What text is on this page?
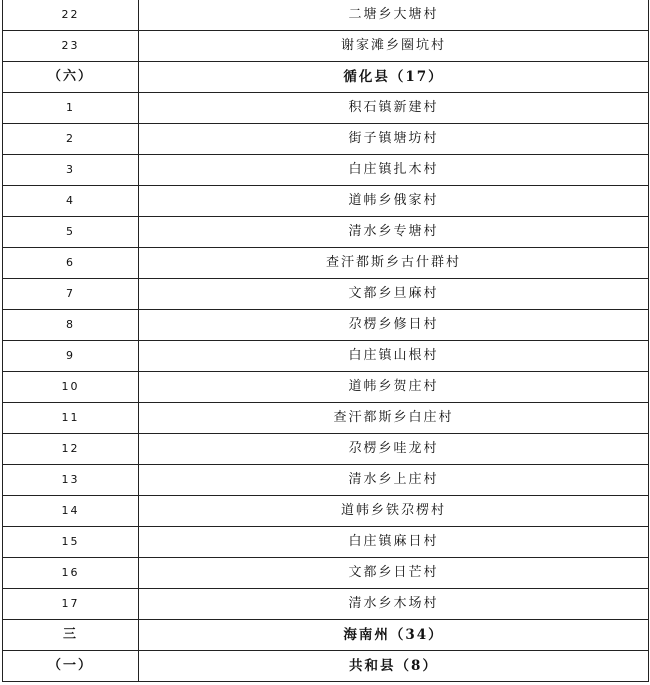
22	二塘乡大塘村
23	谢家滩乡圈坑村
（六）	循化县（17）
1	积石镇新建村
2	街子镇塘坊村
3	白庄镇扎木村
4	道帏乡俄家村
5	清水乡专塘村
6	查汗都斯乡古什群村
7	文都乡旦麻村
8	尕楞乡修日村
9	白庄镇山根村
10	道帏乡贺庄村
11	查汗都斯乡白庄村
12	尕楞乡哇龙村
13	清水乡上庄村
14	道帏乡铁尕楞村
15	白庄镇麻日村
16	文都乡日芒村
17	清水乡木场村
三	海南州（34）
（一）	共和县（8）
